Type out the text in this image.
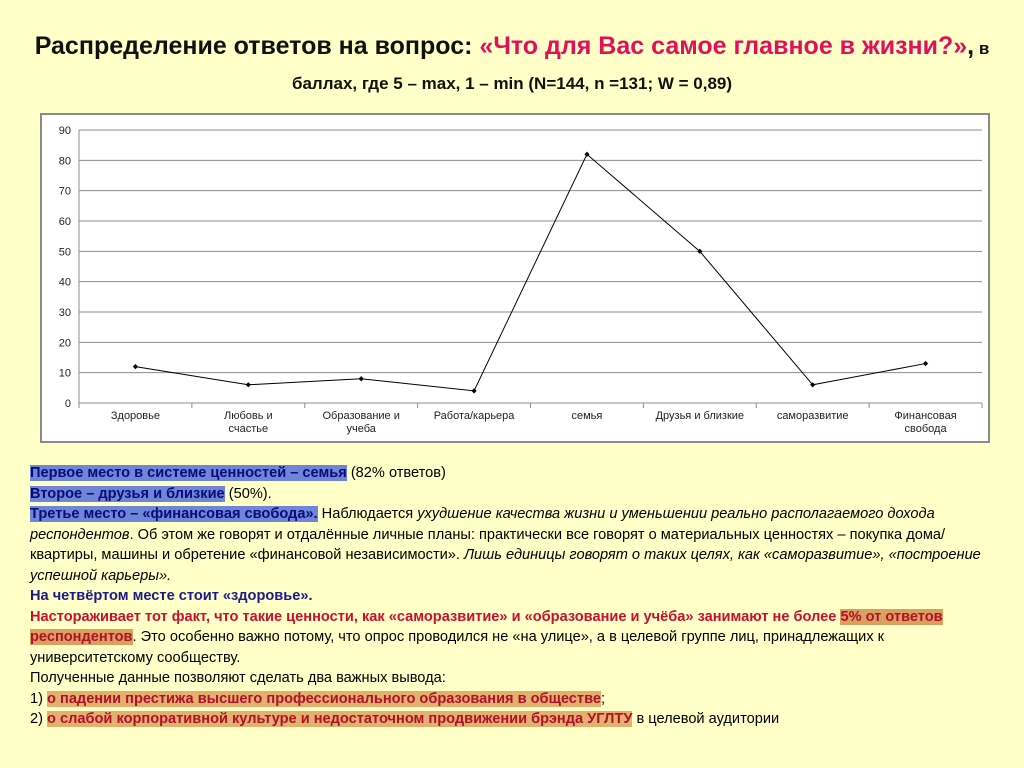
Распределение ответов на вопрос: «Что для Вас самое главное в жизни?», в баллах, где 5 – max, 1 – min (N=144, n =131; W = 0,89)
0
10
20
30
40
50
60
70
80
90
Здоровье	Любовь и счастье
Образование и учеба
Работа/карьера	семья	Друзья и близкие	саморазвитие	Финансовая свобода

Первое место в системе ценностей – семья (82% ответов)

Второе – друзья и близкие (50%).

Третье место – «финансовая свобода». Наблюдается ухудшение качества жизни и уменьшении реально располагаемого дохода респондентов. Об этом же говорят и отдалённые личные планы: практически все говорят о материальных ценностях – покупка дома/квартиры, машины и обретение «финансовой независимости». Лишь единицы говорят о таких целях, как «саморазвитие», «построение успешной карьеры».

На четвёртом месте стоит «здоровье».

Настораживает тот факт, что такие ценности, как «саморазвитие» и «образование и учёба» занимают не более 5% от ответов респондентов. Это особенно важно потому, что опрос проводился не «на улице», а в целевой группе лиц, принадлежащих к университетскому сообществу.

Полученные данные позволяют сделать два важных вывода:

1) о падении престижа высшего профессионального образования в обществе;

2) о слабой корпоративной культуре и недостаточном продвижении брэнда УГЛТУ в целевой аудитории
